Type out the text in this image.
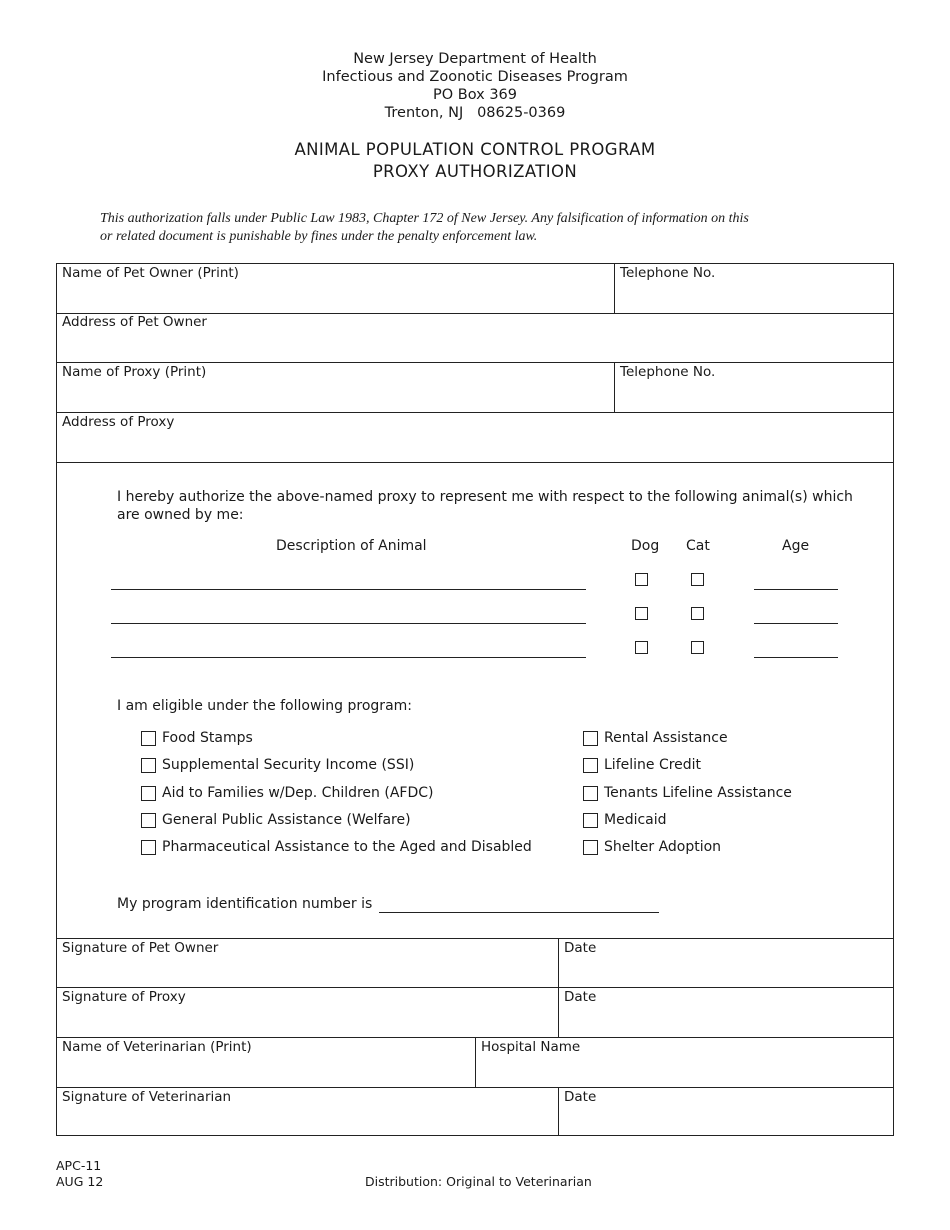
New Jersey Department of Health
Infectious and Zoonotic Diseases Program
PO Box 369
Trenton, NJ   08625-0369
ANIMAL POPULATION CONTROL PROGRAM
PROXY AUTHORIZATION
This authorization falls under Public Law 1983, Chapter 172 of New Jersey. Any falsification of information on this
or related document is punishable by fines under the penalty enforcement law.
Name of Pet Owner (Print)	Telephone No.
Address of Pet Owner
Name of Proxy (Print)	Telephone No.
Address of Proxy
I hereby authorize the above-named proxy to represent me with respect to the following animal(s) which
are owned by me:
Description of Animal	Dog Cat	Age
I am eligible under the following program:
Food Stamps
Supplemental Security Income (SSI)
Aid to Families w/Dep. Children (AFDC)
General Public Assistance (Welfare)
Pharmaceutical Assistance to the Aged and Disabled
Rental Assistance
Lifeline Credit
Tenants Lifeline Assistance
Medicaid
Shelter Adoption
My program identification number is
Signature of Pet Owner	Date
Signature of Proxy	Date
Name of Veterinarian (Print)	Hospital Name
Signature of Veterinarian	Date
APC-11
AUG 12	Distribution: Original to Veterinarian
